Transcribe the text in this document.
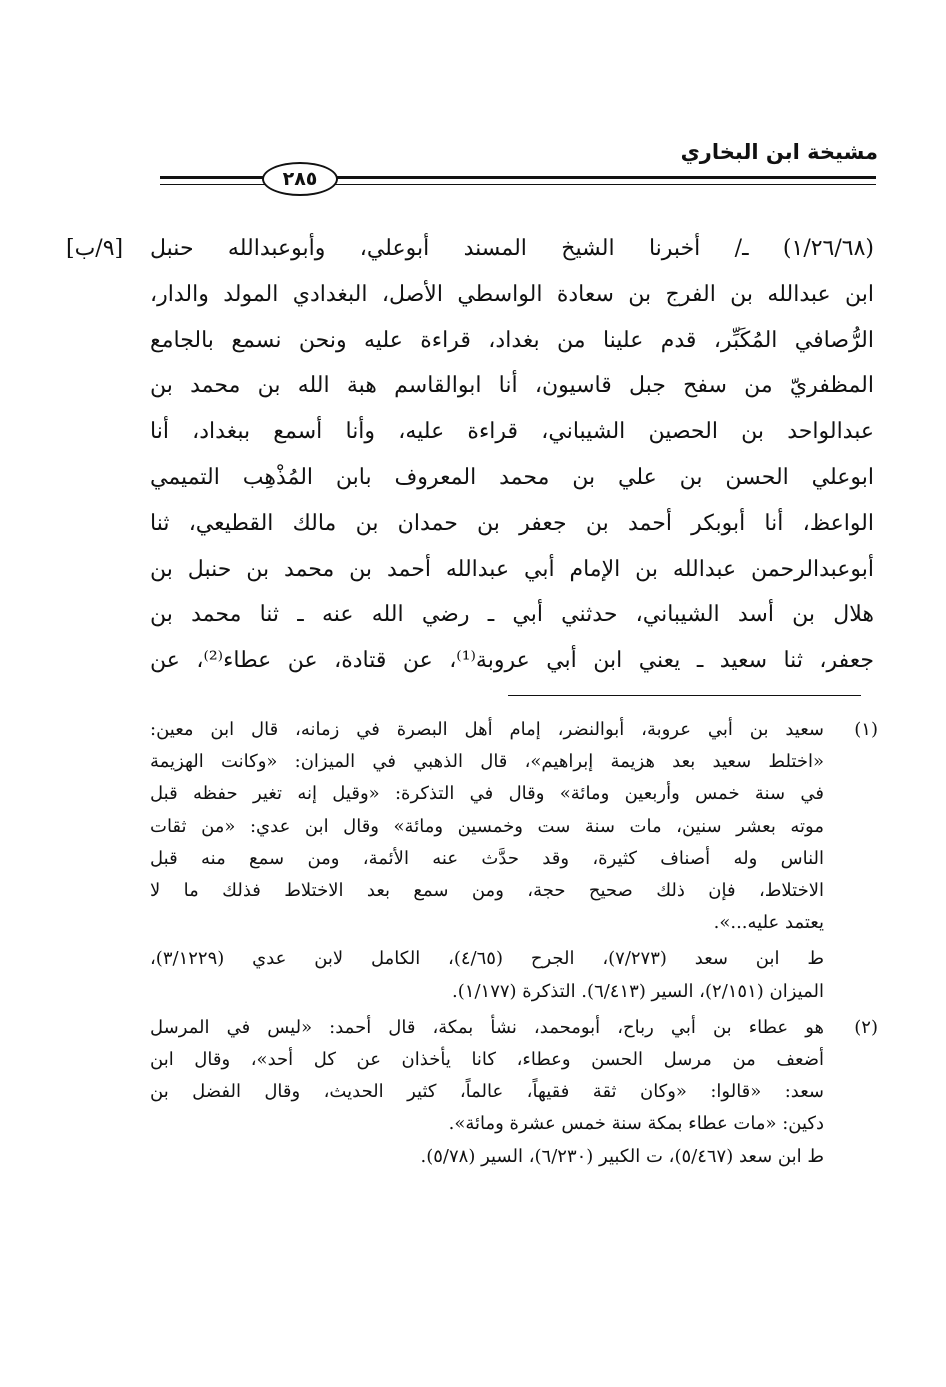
مشيخة ابن البخاري
٢٨٥
[٩/ب]	(١/٢٦/٦٨) ـ/ أخبرنا الشيخ المسند أبوعلي، وأبوعبدالله حنبل
ابن عبدالله بن الفرج بن سعادة الواسطي الأصل، البغدادي المولد والدار،
الرُّصافي المُكَبِّر، قدم علينا من بغداد، قراءة عليه ونحن نسمع بالجامع
المظفريّ من سفح جبل قاسيون، أنا ابوالقاسم هبة الله بن محمد بن
عبدالواحد بن الحصين الشيباني، قراءة عليه، وأنا أسمع ببغداد، أنا
ابوعلي الحسن بن علي بن محمد المعروف بابن المُذْهِب التميمي
الواعظ، أنا أبوبكر أحمد بن جعفر بن حمدان بن مالك القطيعي، ثنا
أبوعبدالرحمن عبدالله بن الإمام أبي عبدالله أحمد بن محمد بن حنبل بن
هلال بن أسد الشيباني، حدثني أبي ـ رضي الله عنه ـ ثنا محمد بن
جعفر، ثنا سعيد ـ يعني ابن أبي عروبة⁽¹⁾، عن قتادة، عن عطاء⁽²⁾، عن
(١)
سعيد بن أبي عروبة، أبوالنضر، إمام أهل البصرة في زمانه، قال ابن معين:
«اختلط سعيد بعد هزيمة إبراهيم»، قال الذهبي في الميزان: «وكانت الهزيمة
في سنة خمس وأربعين ومائة» وقال في التذكرة: «وقيل إنه تغير حفظه قبل
موته بعشر سنين، مات سنة ست وخمسين ومائة» وقال ابن عدي: «من ثقات
الناس وله أصناف كثيرة، وقد حدَّث عنه الأئمة، ومن سمع منه قبل
الاختلاط، فإن ذلك صحيح حجة، ومن سمع بعد الاختلاط فذلك ما لا
يعتمد عليه...».
ط ابن سعد (٧/٢٧٣)، الجرح (٤/٦٥)، الكامل لابن عدي (٣/١٢٢٩)،
الميزان (٢/١٥١)، السير (٦/٤١٣). التذكرة (١/١٧٧).
(٢)
هو عطاء بن أبي رباح، أبومحمد، نشأ بمكة، قال أحمد: «ليس في المرسل
أضعف من مرسل الحسن وعطاء، كانا يأخذان عن كل أحد»، وقال ابن
سعد: «قالوا: «وكان ثقة فقيهاً، عالماً، كثير الحديث، وقال الفضل بن
دكين: «مات عطاء بمكة سنة خمس عشرة ومائة».
ط ابن سعد (٥/٤٦٧)، ت الكبير (٦/٢٣٠)، السير (٥/٧٨).
